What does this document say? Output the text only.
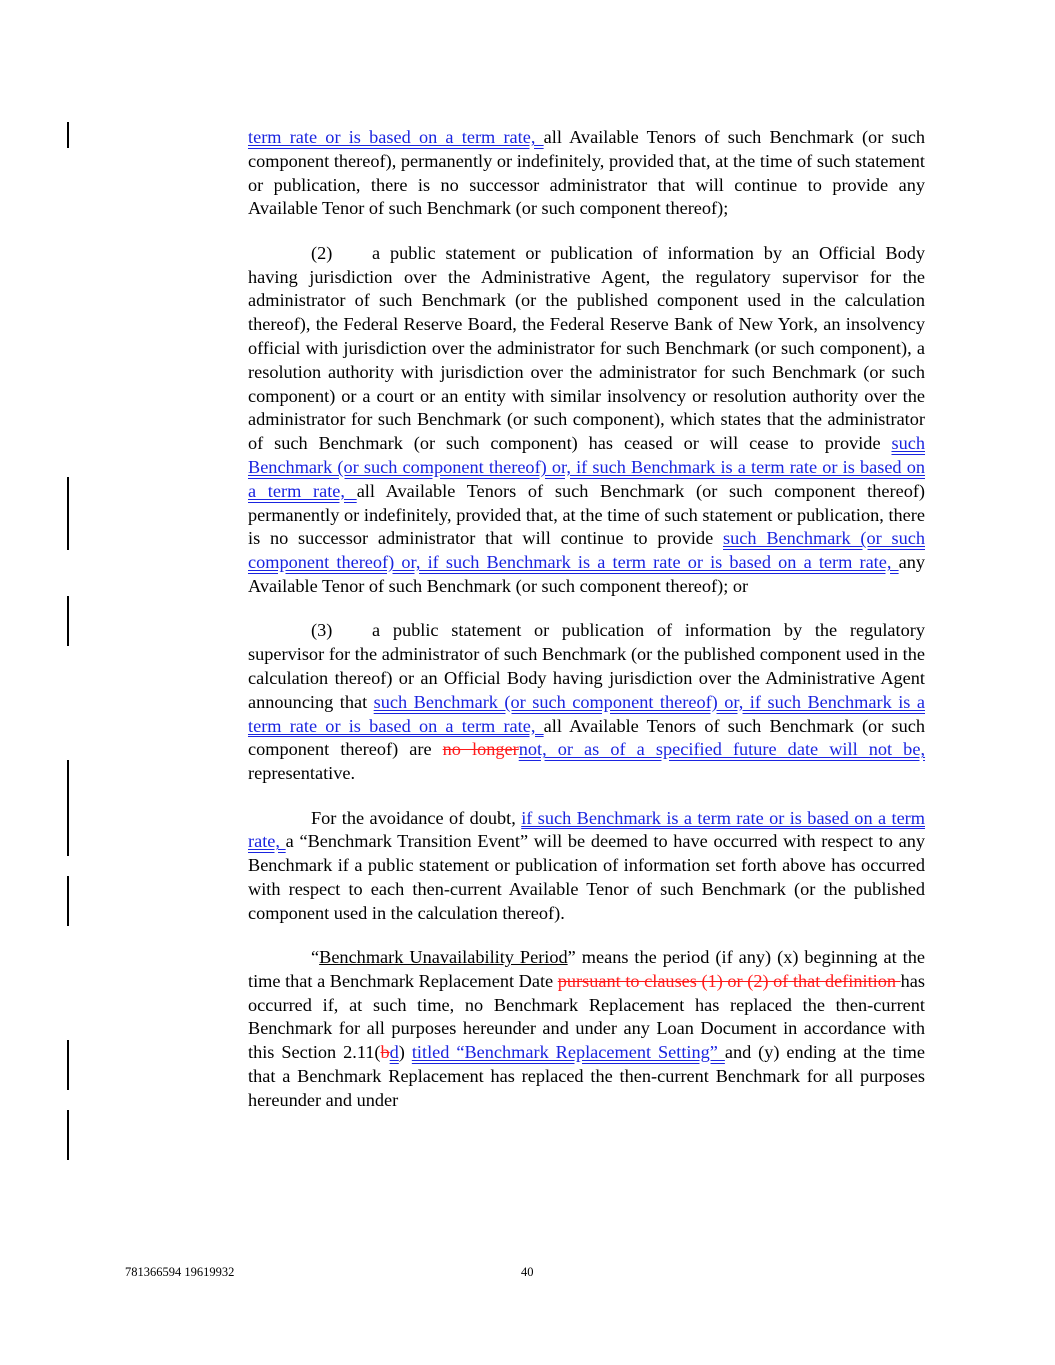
term rate or is based on a term rate, all Available Tenors of such Benchmark (or such component thereof), permanently or indefinitely, provided that, at the time of such statement or publication, there is no successor administrator that will continue to provide any Available Tenor of such Benchmark (or such component thereof);

(2) a public statement or publication of information by an Official Body having jurisdiction over the Administrative Agent, the regulatory supervisor for the administrator of such Benchmark (or the published component used in the calculation thereof), the Federal Reserve Board, the Federal Reserve Bank of New York, an insolvency official with jurisdiction over the administrator for such Benchmark (or such component), a resolution authority with jurisdiction over the administrator for such Benchmark (or such component) or a court or an entity with similar insolvency or resolution authority over the administrator for such Benchmark (or such component), which states that the administrator of such Benchmark (or such component) has ceased or will cease to provide such Benchmark (or such component thereof) or, if such Benchmark is a term rate or is based on a term rate, all Available Tenors of such Benchmark (or such component thereof) permanently or indefinitely, provided that, at the time of such statement or publication, there is no successor administrator that will continue to provide such Benchmark (or such component thereof) or, if such Benchmark is a term rate or is based on a term rate, any Available Tenor of such Benchmark (or such component thereof); or

(3) a public statement or publication of information by the regulatory supervisor for the administrator of such Benchmark (or the published component used in the calculation thereof) or an Official Body having jurisdiction over the Administrative Agent announcing that such Benchmark (or such component thereof) or, if such Benchmark is a term rate or is based on a term rate, all Available Tenors of such Benchmark (or such component thereof) are no longernot, or as of a specified future date will not be, representative.

For the avoidance of doubt, if such Benchmark is a term rate or is based on a term rate, a “Benchmark Transition Event” will be deemed to have occurred with respect to any Benchmark if a public statement or publication of information set forth above has occurred with respect to each then-current Available Tenor of such Benchmark (or the published component used in the calculation thereof).

“Benchmark Unavailability Period” means the period (if any) (x) beginning at the time that a Benchmark Replacement Date pursuant to clauses (1) or (2) of that definition has occurred if, at such time, no Benchmark Replacement has replaced the then-current Benchmark for all purposes hereunder and under any Loan Document in accordance with this Section 2.11(bd) titled “Benchmark Replacement Setting” and (y) ending at the time that a Benchmark Replacement has replaced the then-current Benchmark for all purposes hereunder and under

781366594 19619932	40
